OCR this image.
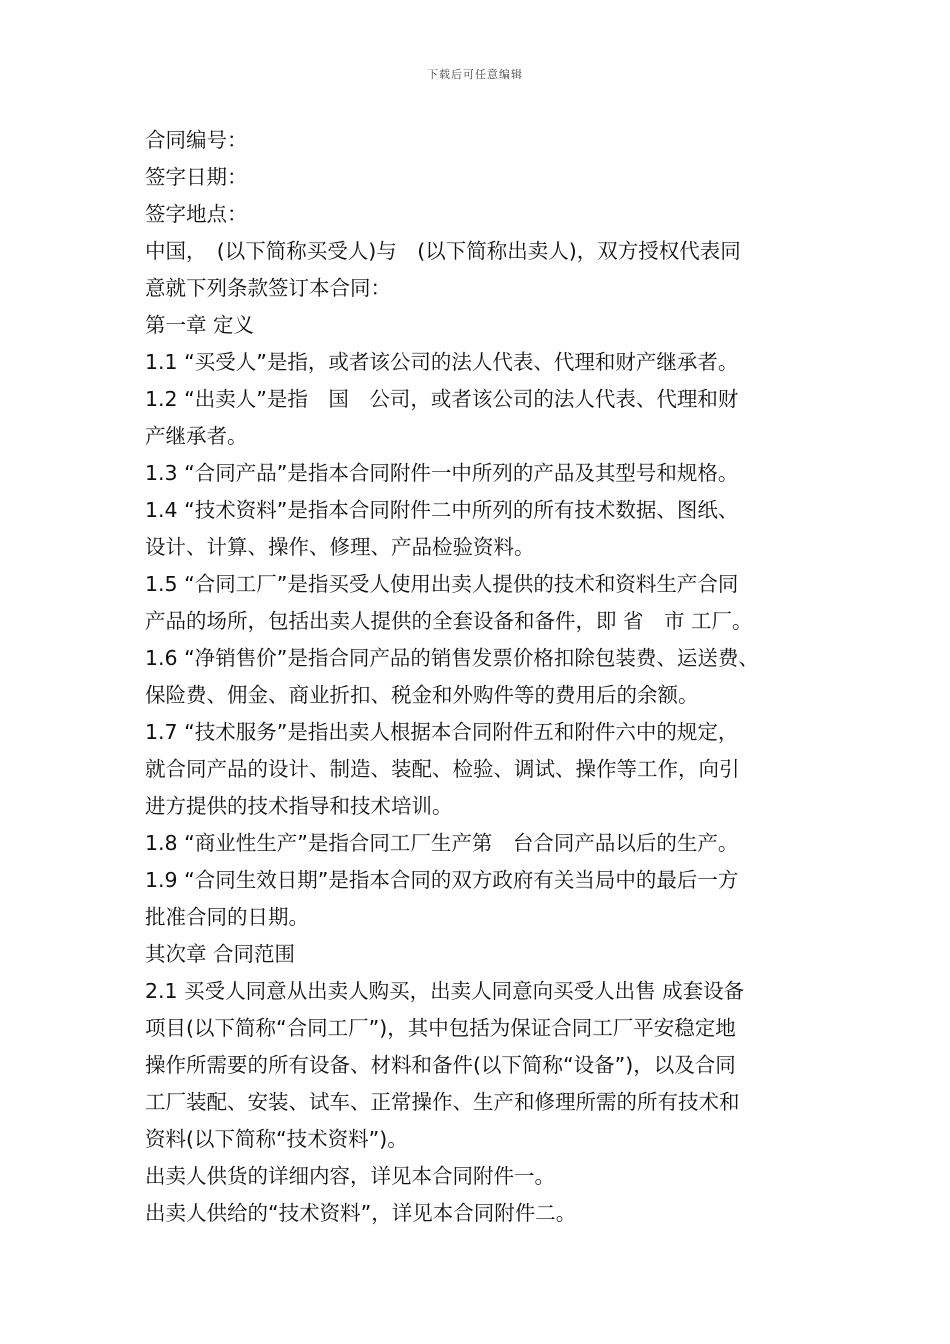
下载后可任意编辑
合同编号：
签字日期：
签字地点：
中国，　(以下简称买受人)与　(以下简称出卖人)，双方授权代表同
意就下列条款签订本合同：
第一章 定义
1.1 “买受人”是指，或者该公司的法人代表、代理和财产继承者。
1.2 “出卖人”是指　国　公司，或者该公司的法人代表、代理和财
产继承者。
1.3 “合同产品”是指本合同附件一中所列的产品及其型号和规格。
1.4 “技术资料”是指本合同附件二中所列的所有技术数据、图纸、
设计、计算、操作、修理、产品检验资料。
1.5 “合同工厂”是指买受人使用出卖人提供的技术和资料生产合同
产品的场所，包括出卖人提供的全套设备和备件，即 省　市 工厂。
1.6 “净销售价”是指合同产品的销售发票价格扣除包装费、运送费、
保险费、佣金、商业折扣、税金和外购件等的费用后的余额。
1.7 “技术服务”是指出卖人根据本合同附件五和附件六中的规定，
就合同产品的设计、制造、装配、检验、调试、操作等工作，向引
进方提供的技术指导和技术培训。
1.8 “商业性生产”是指合同工厂生产第　台合同产品以后的生产。
1.9 “合同生效日期”是指本合同的双方政府有关当局中的最后一方
批准合同的日期。
其次章 合同范围
2.1 买受人同意从出卖人购买，出卖人同意向买受人出售 成套设备
项目(以下简称“合同工厂”)，其中包括为保证合同工厂平安稳定地
操作所需要的所有设备、材料和备件(以下简称“设备”)，以及合同
工厂装配、安装、试车、正常操作、生产和修理所需的所有技术和
资料(以下简称“技术资料”)。
出卖人供货的详细内容，详见本合同附件一。
出卖人供给的“技术资料”，详见本合同附件二。
